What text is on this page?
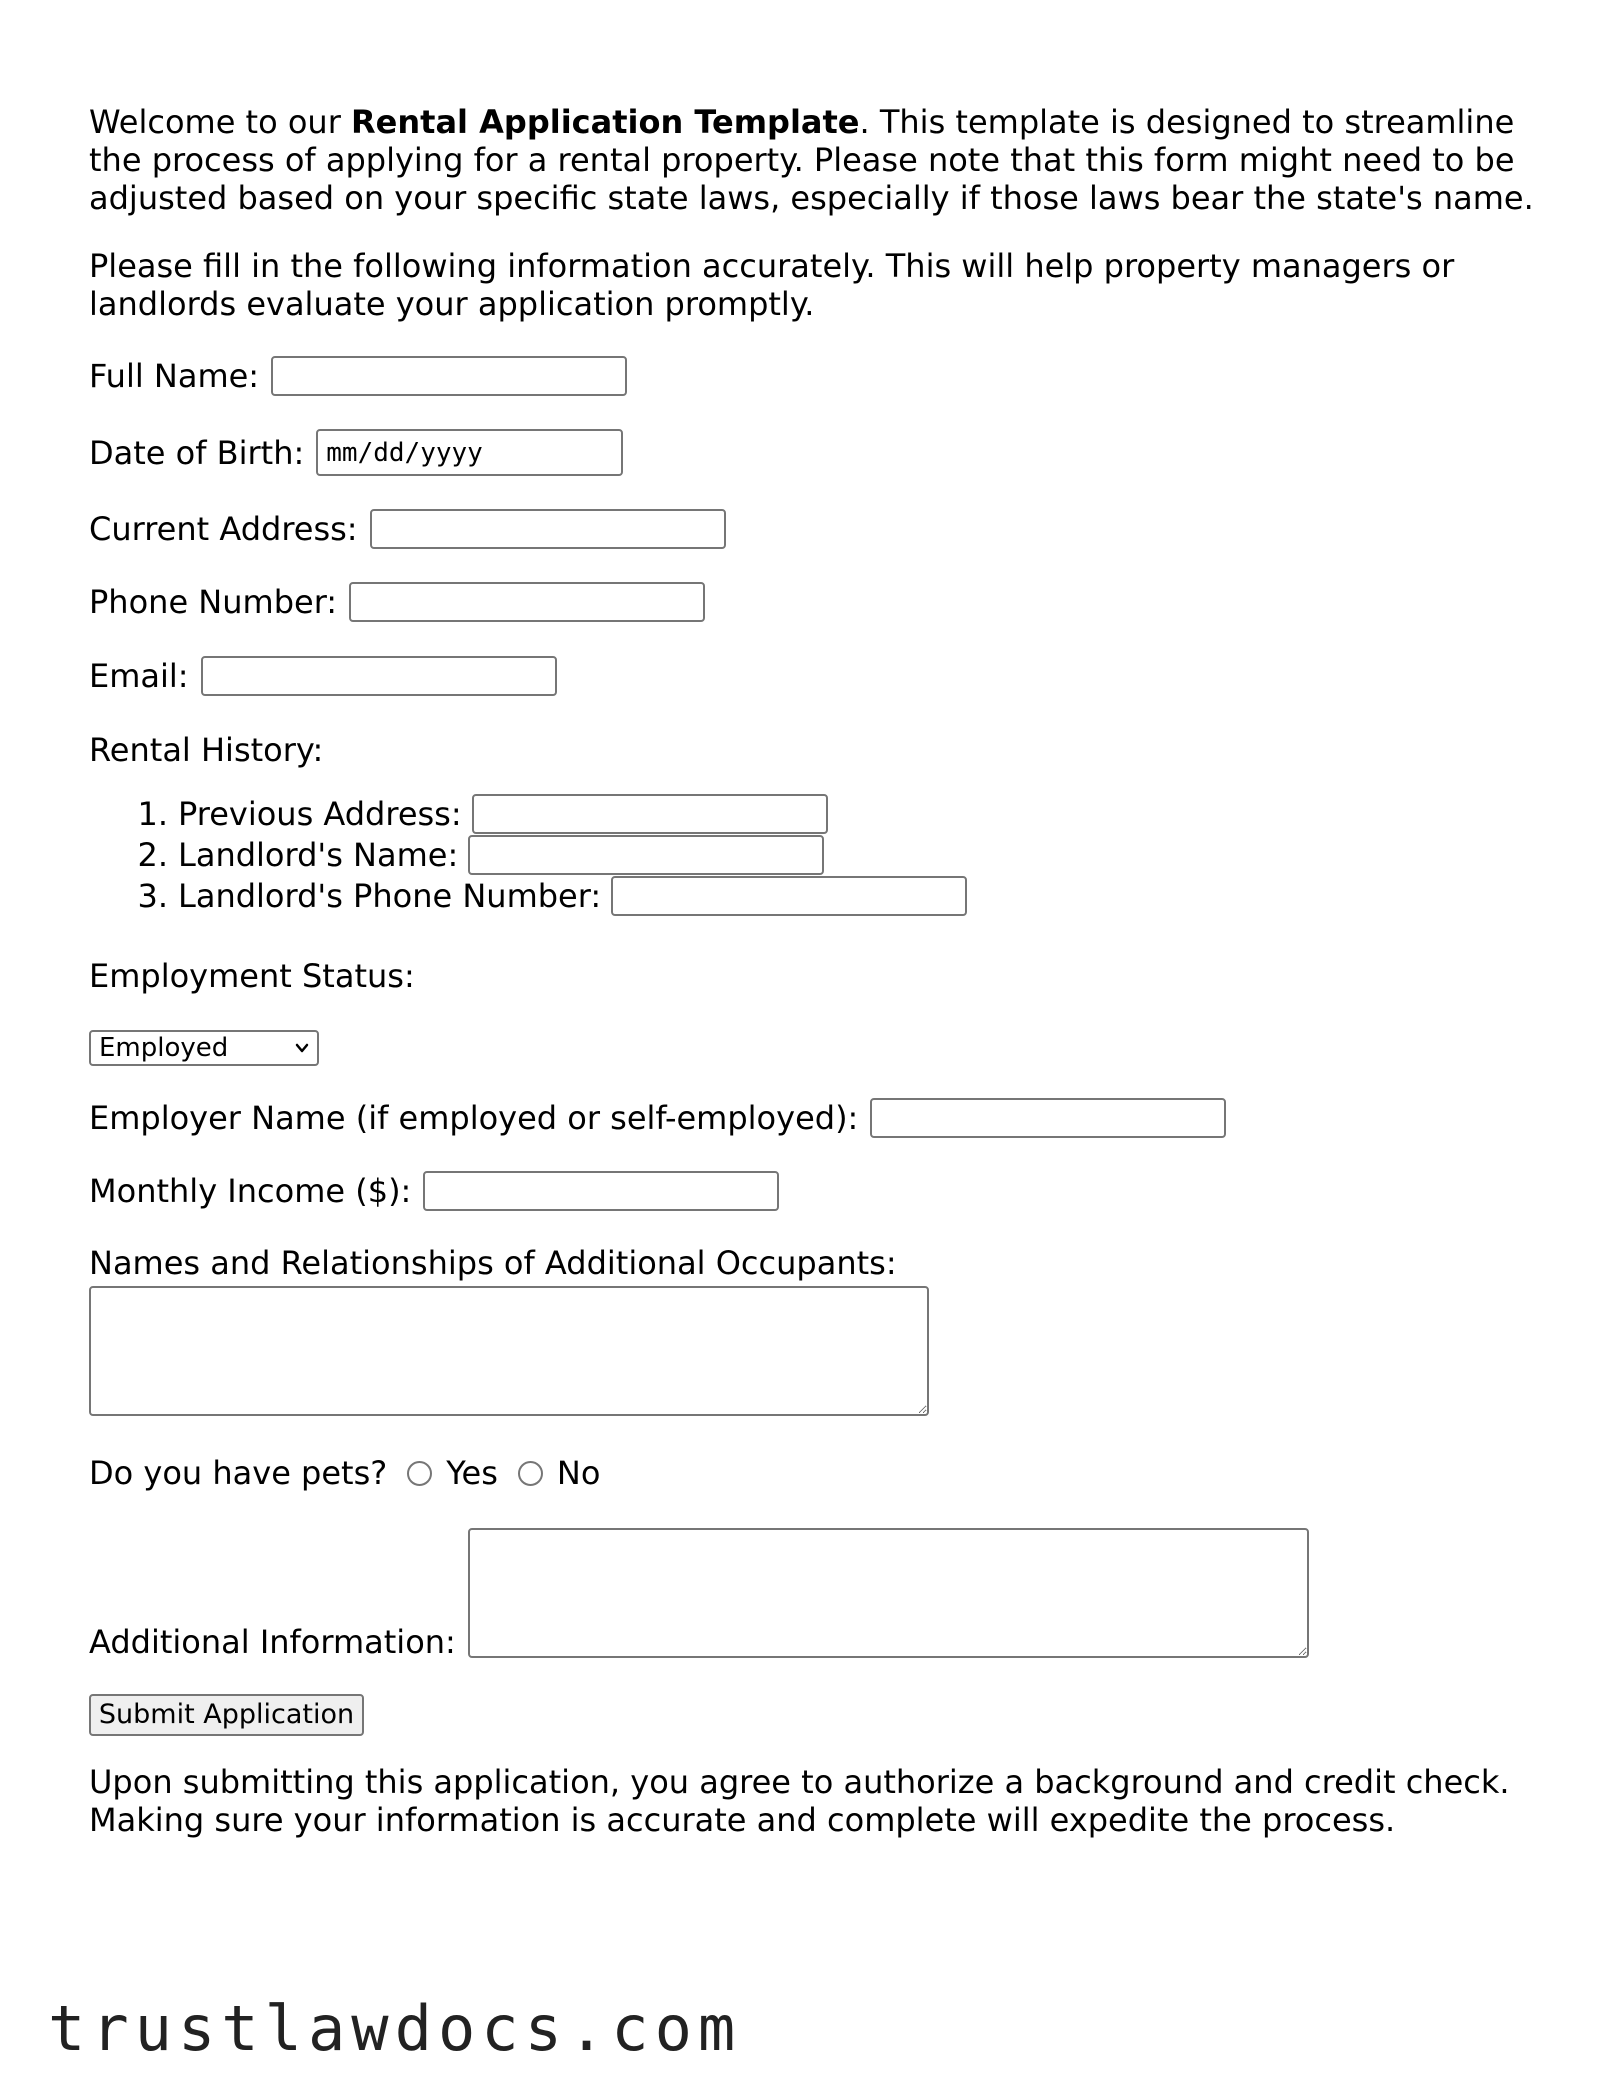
Welcome to our Rental Application Template. This template is designed to streamline the process of applying for a rental property. Please note that this form might need to be adjusted based on your specific state laws, especially if those laws bear the state's name.

Please fill in the following information accurately. This will help property managers or landlords evaluate your application promptly.

Full Name:
Date of Birth: mm/dd/yyyy
Current Address:
Phone Number:
Email:
Rental History:
1. Previous Address:
2. Landlord's Name:
3. Landlord's Phone Number:
Employment Status:
Employed
Employer Name (if employed or self-employed):
Monthly Income ($):
Names and Relationships of Additional Occupants:
Do you have pets? Yes No
Additional Information:
Submit Application

Upon submitting this application, you agree to authorize a background and credit check. Making sure your information is accurate and complete will expedite the process.

trustlawdocs.com
